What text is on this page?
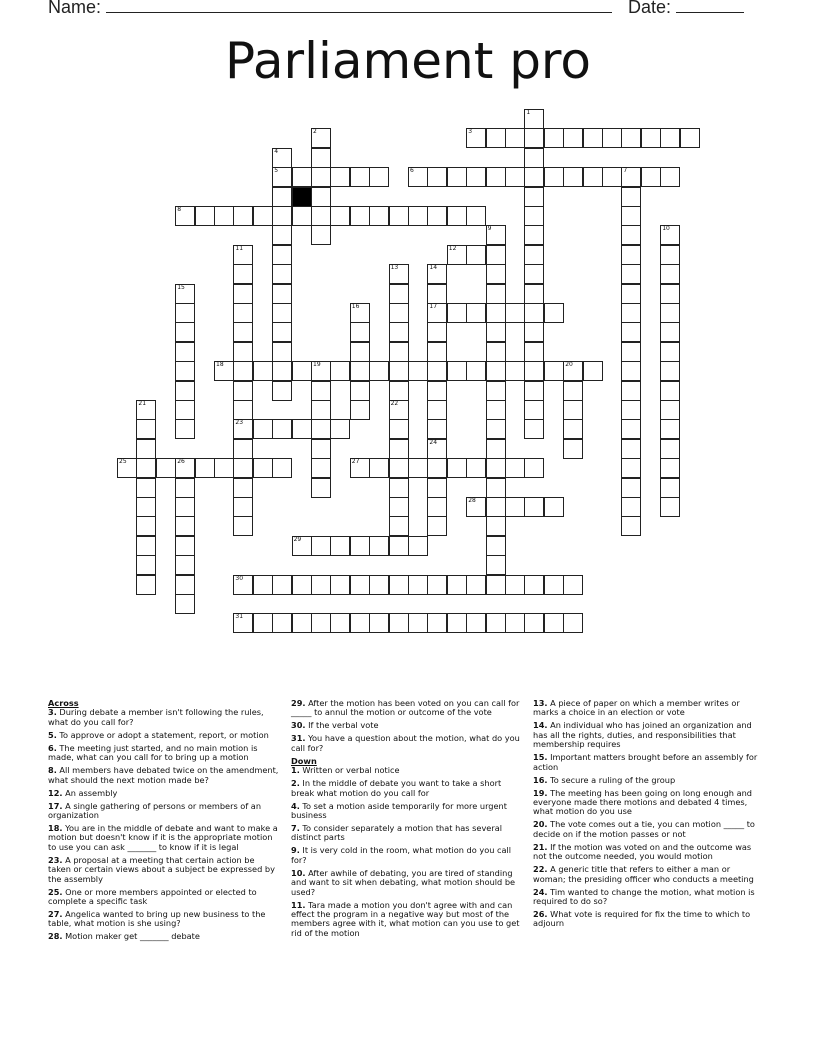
Name:	Date:
Parliament pro
1
2	3
4
5	6	7
8
9	10
11
23
12
13
22
14
17
24
15
16
18	19	20
21
25	26	27
28
29
30
31
Across
3. During debate a member isn't following the rules, what do you call for?
5. To approve or adopt a statement, report, or motion
6. The meeting just started, and no main motion is made, what can you call for to bring up a motion
8. All members have debated twice on the amendment, what should the next motion made be?
12. An assembly
17. A single gathering of persons or members of an organization
18. You are in the middle of debate and want to make a motion but doesn't know if it is the appropriate motion to use you can ask _______ to know if it is legal
23. A proposal at a meeting that certain action be taken or certain views about a subject be expressed by the assembly
25. One or more members appointed or elected to complete a specific task
27. Angelica wanted to bring up new business to the table, what motion is she using?
28. Motion maker get _______ debate
29. After the motion has been voted on you can call for _____ to annul the motion or outcome of the vote
30. If the verbal vote
31. You have a question about the motion, what do you call for?
Down
1. Written or verbal notice
2. In the middle of debate you want to take a short break what motion do you call for
4. To set a motion aside temporarily for more urgent business
7. To consider separately a motion that has several distinct parts
9. It is very cold in the room, what motion do you call for?
10. After awhile of debating, you are tired of standing and want to sit when debating, what motion should be used?
11. Tara made a motion you don't agree with and can effect the program in a negative way but most of the members agree with it, what motion can you use to get rid of the motion
13. A piece of paper on which a member writes or marks a choice in an election or vote
14. An individual who has joined an organization and has all the rights, duties, and responsibilities that membership requires
15. Important matters brought before an assembly for action
16. To secure a ruling of the group
19. The meeting has been going on long enough and everyone made there motions and debated 4 times, what motion do you use
20. The vote comes out a tie, you can motion _____ to decide on if the motion passes or not
21. If the motion was voted on and the outcome was not the outcome needed, you would motion
22. A generic title that refers to either a man or woman; the presiding officer who conducts a meeting
24. Tim wanted to change the motion, what motion is required to do so?
26. What vote is required for fix the time to which to adjourn
